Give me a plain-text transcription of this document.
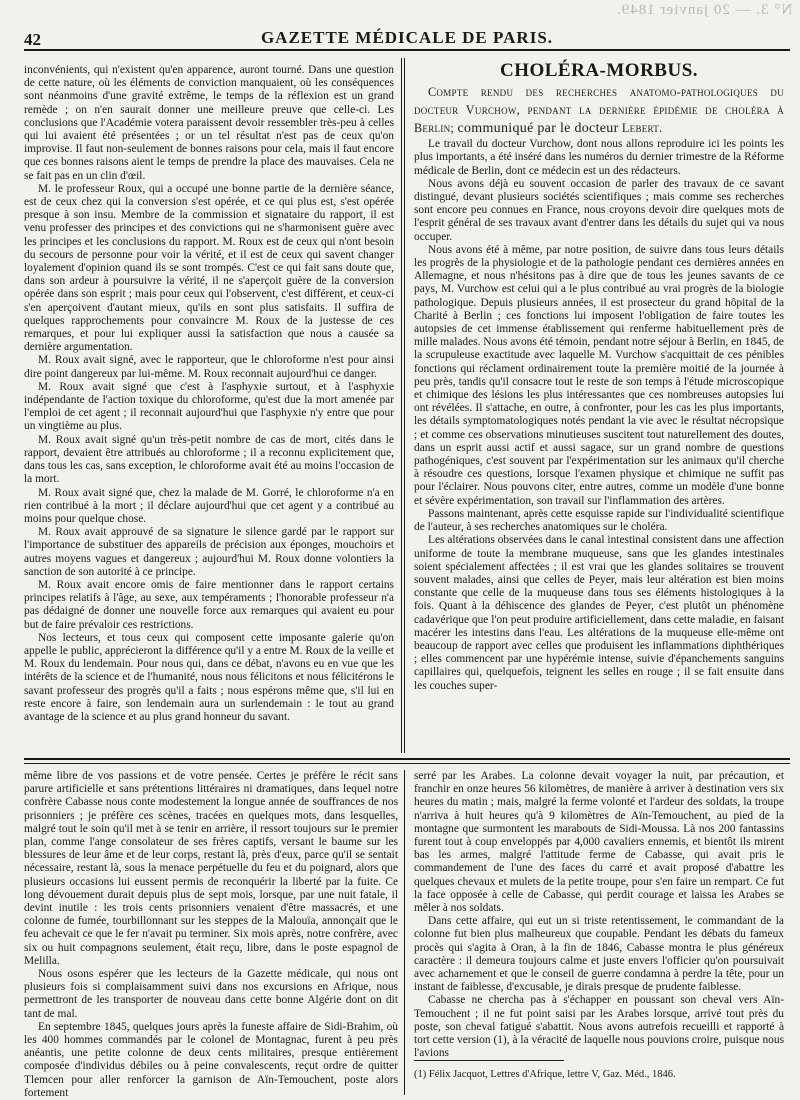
N° 3. — 20 janvier 1849.
42	GAZETTE MÉDICALE DE PARIS.

inconvénients, qui n'existent qu'en apparence, auront tourné. Dans une question de cette nature, où les éléments de conviction manquaient, où les conséquences sont néanmoins d'une gravité extrême, le temps de la réflexion est un grand remède ; on n'en saurait donner une meilleure preuve que celle-ci. Les conclusions que l'Académie votera paraissent devoir ressembler très-peu à celles qui lui avaient été présentées ; or un tel résultat n'est pas de ceux qu'on improvise. Il faut non-seulement de bonnes raisons pour cela, mais il faut encore que ces bonnes raisons aient le temps de prendre la place des mauvaises. Cela ne se fait pas en un clin d'œil.

M. le professeur Roux, qui a occupé une bonne partie de la dernière séance, est de ceux chez qui la conversion s'est opérée, et ce qui plus est, s'est opérée presque à son insu. Membre de la commission et signataire du rapport, il est venu professer des principes et des convictions qui ne s'harmonisent guère avec les principes et les conclusions du rapport. M. Roux est de ceux qui n'ont besoin du secours de personne pour voir la vérité, et il est de ceux qui savent changer loyalement d'opinion quand ils se sont trompés. C'est ce qui fait sans doute que, dans son ardeur à poursuivre la vérité, il ne s'aperçoit guère de la conversion opérée dans son esprit ; mais pour ceux qui l'observent, c'est différent, et ceux-ci s'en aperçoivent d'autant mieux, qu'ils en sont plus satisfaits. Il suffira de quelques rapprochements pour convaincre M. Roux de la justesse de ces remarques, et pour lui expliquer aussi la satisfaction que nous a causée sa dernière argumentation.

M. Roux avait signé, avec le rapporteur, que le chloroforme n'est pour ainsi dire point dangereux par lui-même. M. Roux reconnait aujourd'hui ce danger.

M. Roux avait signé que c'est à l'asphyxie surtout, et à l'asphyxie indépendante de l'action toxique du chloroforme, qu'est due la mort amenée par l'emploi de cet agent ; il reconnait aujourd'hui que l'asphyxie n'y entre que pour un vingtième au plus.

M. Roux avait signé qu'un très-petit nombre de cas de mort, cités dans le rapport, devaient être attribués au chloroforme ; il a reconnu explicitement que, dans tous les cas, sans exception, le chloroforme avait été au moins l'occasion de la mort.

M. Roux avait signé que, chez la malade de M. Gorré, le chloroforme n'a en rien contribué à la mort ; il déclare aujourd'hui que cet agent y a contribué au moins pour quelque chose.

M. Roux avait approuvé de sa signature le silence gardé par le rapport sur l'importance de substituer des appareils de précision aux éponges, mouchoirs et autres moyens vagues et dangereux ; aujourd'hui M. Roux donne volontiers la sanction de son autorité à ce principe.

M. Roux avait encore omis de faire mentionner dans le rapport certains principes relatifs à l'âge, au sexe, aux tempéraments ; l'honorable professeur n'a pas dédaigné de donner une nouvelle force aux remarques qui avaient eu pour but de faire prévaloir ces restrictions.

Nos lecteurs, et tous ceux qui composent cette imposante galerie qu'on appelle le public, apprécieront la différence qu'il y a entre M. Roux de la veille et M. Roux du lendemain. Pour nous qui, dans ce débat, n'avons eu en vue que les intérêts de la science et de l'humanité, nous nous félicitons et nous félicitérons le savant professeur des progrès qu'il a faits ; nous espérons même que, s'il lui en reste encore à faire, son lendemain aura un surlendemain : le tout au grand avantage de la science et au plus grand honneur du savant.

CHOLÉRA-MORBUS.

Compte rendu des recherches anatomo-pathologiques du docteur Vurchow, pendant la dernière épidémie de choléra à Berlin; communiqué par le docteur Lebert.

Le travail du docteur Vurchow, dont nous allons reproduire ici les points les plus importants, a été inséré dans les numéros du dernier trimestre de la Réforme médicale de Berlin, dont ce médecin est un des rédacteurs.

Nous avons déjà eu souvent occasion de parler des travaux de ce savant distingué, devant plusieurs sociétés scientifiques ; mais comme ses recherches sont encore peu connues en France, nous croyons devoir dire quelques mots de l'esprit général de ses travaux avant d'entrer dans les détails du sujet qui va nous occuper.

Nous avons été à même, par notre position, de suivre dans tous leurs détails les progrès de la physiologie et de la pathologie pendant ces dernières années en Allemagne, et nous n'hésitons pas à dire que de tous les jeunes savants de ce pays, M. Vurchow est celui qui a le plus contribué au vrai progrès de la biologie pathologique. Depuis plusieurs années, il est prosecteur du grand hôpital de la Charité à Berlin ; ces fonctions lui imposent l'obligation de faire toutes les autopsies de cet immense établissement qui renferme habituellement près de mille malades. Nous avons été témoin, pendant notre séjour à Berlin, en 1845, de la scrupuleuse exactitude avec laquelle M. Vurchow s'acquittait de ces pénibles fonctions qui réclament ordinairement toute la première moitié de la journée à peu près, tandis qu'il consacre tout le reste de son temps à l'étude microscopique et chimique des lésions les plus intéressantes que ces nombreuses autopsies lui ont révélées. Il s'attache, en outre, à confronter, pour les cas les plus importants, les détails symptomatologiques notés pendant la vie avec le résultat nécropsique ; et comme ces observations minutieuses suscitent tout naturellement des doutes, dans un esprit aussi actif et aussi sagace, sur un grand nombre de questions pathogéniques, c'est souvent par l'expérimentation sur les animaux qu'il cherche à résoudre ces questions, lorsque l'examen physique et chimique ne suffit pas pour l'éclairer. Nous pouvons citer, entre autres, comme un modèle d'une bonne et sévère expérimentation, son travail sur l'inflammation des artères.

Passons maintenant, après cette esquisse rapide sur l'individualité scientifique de l'auteur, à ses recherches anatomiques sur le choléra.

Les altérations observées dans le canal intestinal consistent dans une affection uniforme de toute la membrane muqueuse, sans que les glandes intestinales soient spécialement affectées ; il est vrai que les glandes solitaires se trouvent souvent malades, ainsi que celles de Peyer, mais leur altération est bien moins constante que celle de la muqueuse dans tous ses éléments histologiques à la fois. Quant à la déhiscence des glandes de Peyer, c'est plutôt un phénomène cadavérique que l'on peut produire artificiellement, dans cette maladie, en faisant macérer les intestins dans l'eau. Les altérations de la muqueuse elle-même ont beaucoup de rapport avec celles que produisent les inflammations diphthériques ; elles commencent par une hypérémie intense, suivie d'épanchements sanguins capillaires qui, quelquefois, teignent les selles en rouge ; il se fait ensuite dans les couches super-

même libre de vos passions et de votre pensée. Certes je préfère le récit sans parure artificielle et sans prétentions littéraires ni dramatiques, dans lequel notre confrère Cabasse nous conte modestement la longue année de souffrances de nos prisonniers ; je préfère ces scènes, tracées en quelques mots, dans lesquelles, malgré tout le soin qu'il met à se tenir en arrière, il ressort toujours sur le premier plan, comme l'ange consolateur de ses frères captifs, versant le baume sur les blessures de leur âme et de leur corps, restant là, près d'eux, parce qu'il se sentait nécessaire, restant là, sous la menace perpétuelle du feu et du poignard, alors que plusieurs occasions lui eussent permis de reconquérir la liberté par la fuite. Ce long dévouement durait depuis plus de sept mois, lorsque, par une nuit fatale, il devint inutile : les trois cents prisonniers venaient d'être massacrés, et une colonne de fumée, tourbillonnant sur les steppes de la Malouïa, annonçait que le feu achevait ce que le fer n'avait pu terminer. Six mois après, notre confrère, avec six ou huit compagnons seulement, était reçu, libre, dans le poste espagnol de Melilla.

Nous osons espérer que les lecteurs de la Gazette médicale, qui nous ont plusieurs fois si complaisamment suivi dans nos excursions en Afrique, nous permettront de les transporter de nouveau dans cette bonne Algérie dont on dit tant de mal.

En septembre 1845, quelques jours après la funeste affaire de Sidi-Brahim, où les 400 hommes commandés par le colonel de Montagnac, furent à peu près anéantis, une petite colonne de deux cents militaires, presque entièrement composée d'individus débiles ou à peine convalescents, reçut ordre de quitter Tlemcen pour aller renforcer la garnison de Aïn-Temouchent, poste alors fortement

serré par les Arabes. La colonne devait voyager la nuit, par précaution, et franchir en onze heures 56 kilomètres, de manière à arriver à destination vers six heures du matin ; mais, malgré la ferme volonté et l'ardeur des soldats, la troupe n'arriva à huit heures qu'à 9 kilomètres de Aïn-Temouchent, au pied de la montagne que surmontent les marabouts de Sidi-Moussa. Là nos 200 fantassins furent tout à coup enveloppés par 4,000 cavaliers ennemis, et bientôt ils mirent bas les armes, malgré l'attitude ferme de Cabasse, qui avait pris le commandement de l'une des faces du carré et avait proposé d'abattre les quelques chevaux et mulets de la petite troupe, pour s'en faire un rempart. Ce fut la face opposée à celle de Cabasse, qui perdit courage et laissa les Arabes se mêler à nos soldats.

Dans cette affaire, qui eut un si triste retentissement, le commandant de la colonne fut bien plus malheureux que coupable. Pendant les débats du fameux procès qui s'agita à Oran, à la fin de 1846, Cabasse montra le plus généreux caractère : il demeura toujours calme et juste envers l'officier qu'on poursuivait avec acharnement et que le conseil de guerre condamna à perdre la tête, pour un instant de faiblesse, d'excusable, je dirais presque de prudente faiblesse.

Cabasse ne chercha pas à s'échapper en poussant son cheval vers Aïn-Temouchent ; il ne fut point saisi par les Arabes lorsque, arrivé tout près du poste, son cheval fatigué s'abattit. Nous avons autrefois recueilli et rapporté à tort cette version (1), à la véracité de laquelle nous pouvions croire, puisque nous l'avions

(1) Félix Jacquot, Lettres d'Afrique, lettre V, Gaz. Méd., 1846.
